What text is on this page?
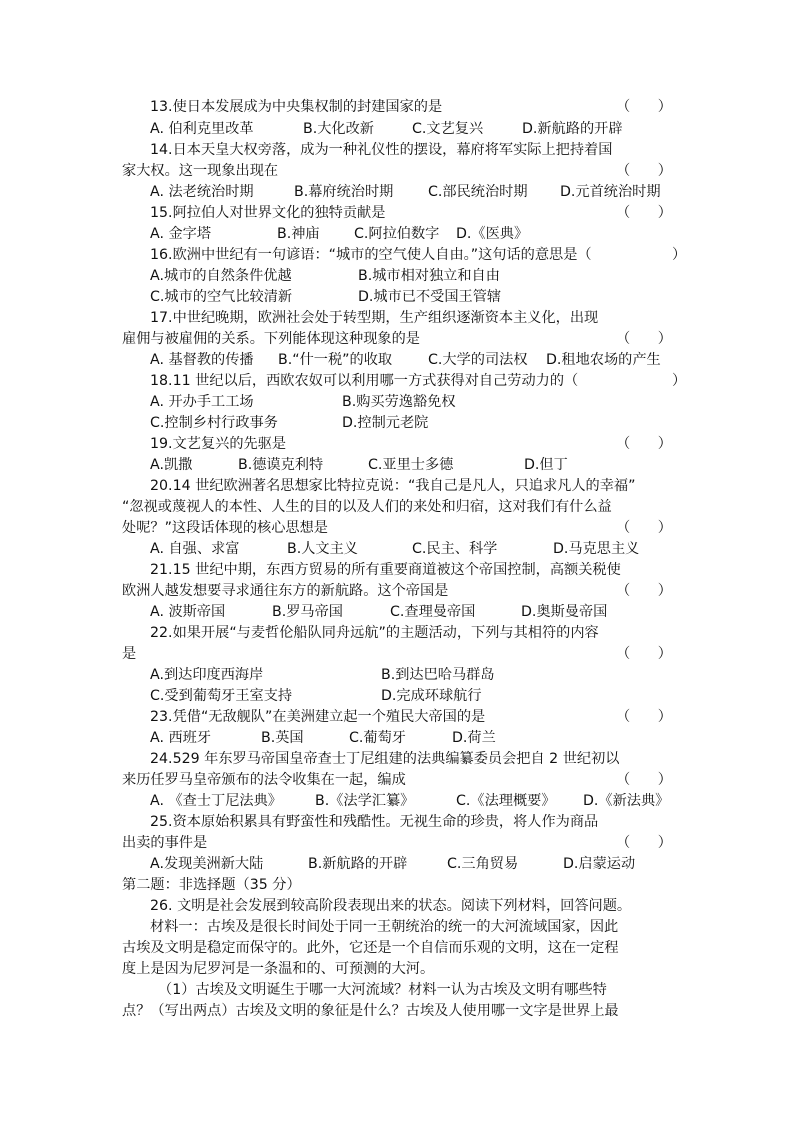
13.使日本发展成为中央集权制的封建国家的是	（ ）
A. 伯利克里改革	B.大化改新	C.文艺复兴	D.新航路的开辟
14.日本天皇大权旁落，成为一种礼仪性的摆设，幕府将军实际上把持着国
家大权。这一现象出现在	（ ）
A. 法老统治时期	B.幕府统治时期 C.部民统治时期 D.元首统治时期
15.阿拉伯人对世界文化的独特贡献是	（ ）
A. 金字塔	B.神庙 C.阿拉伯数字 D.《医典》
16.欧洲中世纪有一句谚语：“城市的空气使人自由。”这句话的意思是（	）
A.城市的自然条件优越	B.城市相对独立和自由
C.城市的空气比较清新	D.城市已不受国王管辖
17.中世纪晚期，欧洲社会处于转型期，生产组织逐渐资本主义化，出现
雇佣与被雇佣的关系。下列能体现这种现象的是	（ ）
A. 基督教的传播 B.“什一税”的收取	C.大学的司法权 D.租地农场的产生
18.11 世纪以后，西欧农奴可以利用哪一方式获得对自己劳动力的（	）
A. 开办手工工场	B.购买劳逸豁免权
C.控制乡村行政事务	D.控制元老院
19.文艺复兴的先驱是	（ ）
A.凯撒	B.德谟克利特	C.亚里士多德	D.但丁
20.14 世纪欧洲著名思想家比特拉克说：“我自己是凡人，只追求凡人的幸福”
“忽视或蔑视人的本性、人生的目的以及人们的来处和归宿，这对我们有什么益
处呢？”这段话体现的核心思想是	（ ）
A. 自强、求富	B.人文主义	C.民主、科学	D.马克思主义
21.15 世纪中期，东西方贸易的所有重要商道被这个帝国控制，高额关税使
欧洲人越发想要寻求通往东方的新航路。这个帝国是	（ ）
A. 波斯帝国	B.罗马帝国	C.查理曼帝国	D.奥斯曼帝国
22.如果开展“与麦哲伦船队同舟远航”的主题活动，下列与其相符的内容
是	（ ）
A.到达印度西海岸	B.到达巴哈马群岛
C.受到葡萄牙王室支持	D.完成环球航行
23.凭借“无敌舰队”在美洲建立起一个殖民大帝国的是	（ ）
A. 西班牙	B.英国	C.葡萄牙	D.荷兰
24.529 年东罗马帝国皇帝查士丁尼组建的法典编纂委员会把自 2 世纪初以
来历任罗马皇帝颁布的法令收集在一起，编成	（ ）
A. 《查士丁尼法典》 B.《法学汇纂》	C.《法理概要》 D.《新法典》
25.资本原始积累具有野蛮性和残酷性。无视生命的珍贵，将人作为商品
出卖的事件是	（ ）
A.发现美洲新大陆	B.新航路的开辟	C.三角贸易	D.启蒙运动
第二题：非选择题（35 分）
26. 文明是社会发展到较高阶段表现出来的状态。阅读下列材料，回答问题。
材料一：古埃及是很长时间处于同一王朝统治的统一的大河流域国家，因此
古埃及文明是稳定而保守的。此外，它还是一个自信而乐观的文明，这在一定程
度上是因为尼罗河是一条温和的、可预测的大河。
（1）古埃及文明诞生于哪一大河流域？材料一认为古埃及文明有哪些特
点？（写出两点）古埃及文明的象征是什么？古埃及人使用哪一文字是世界上最
